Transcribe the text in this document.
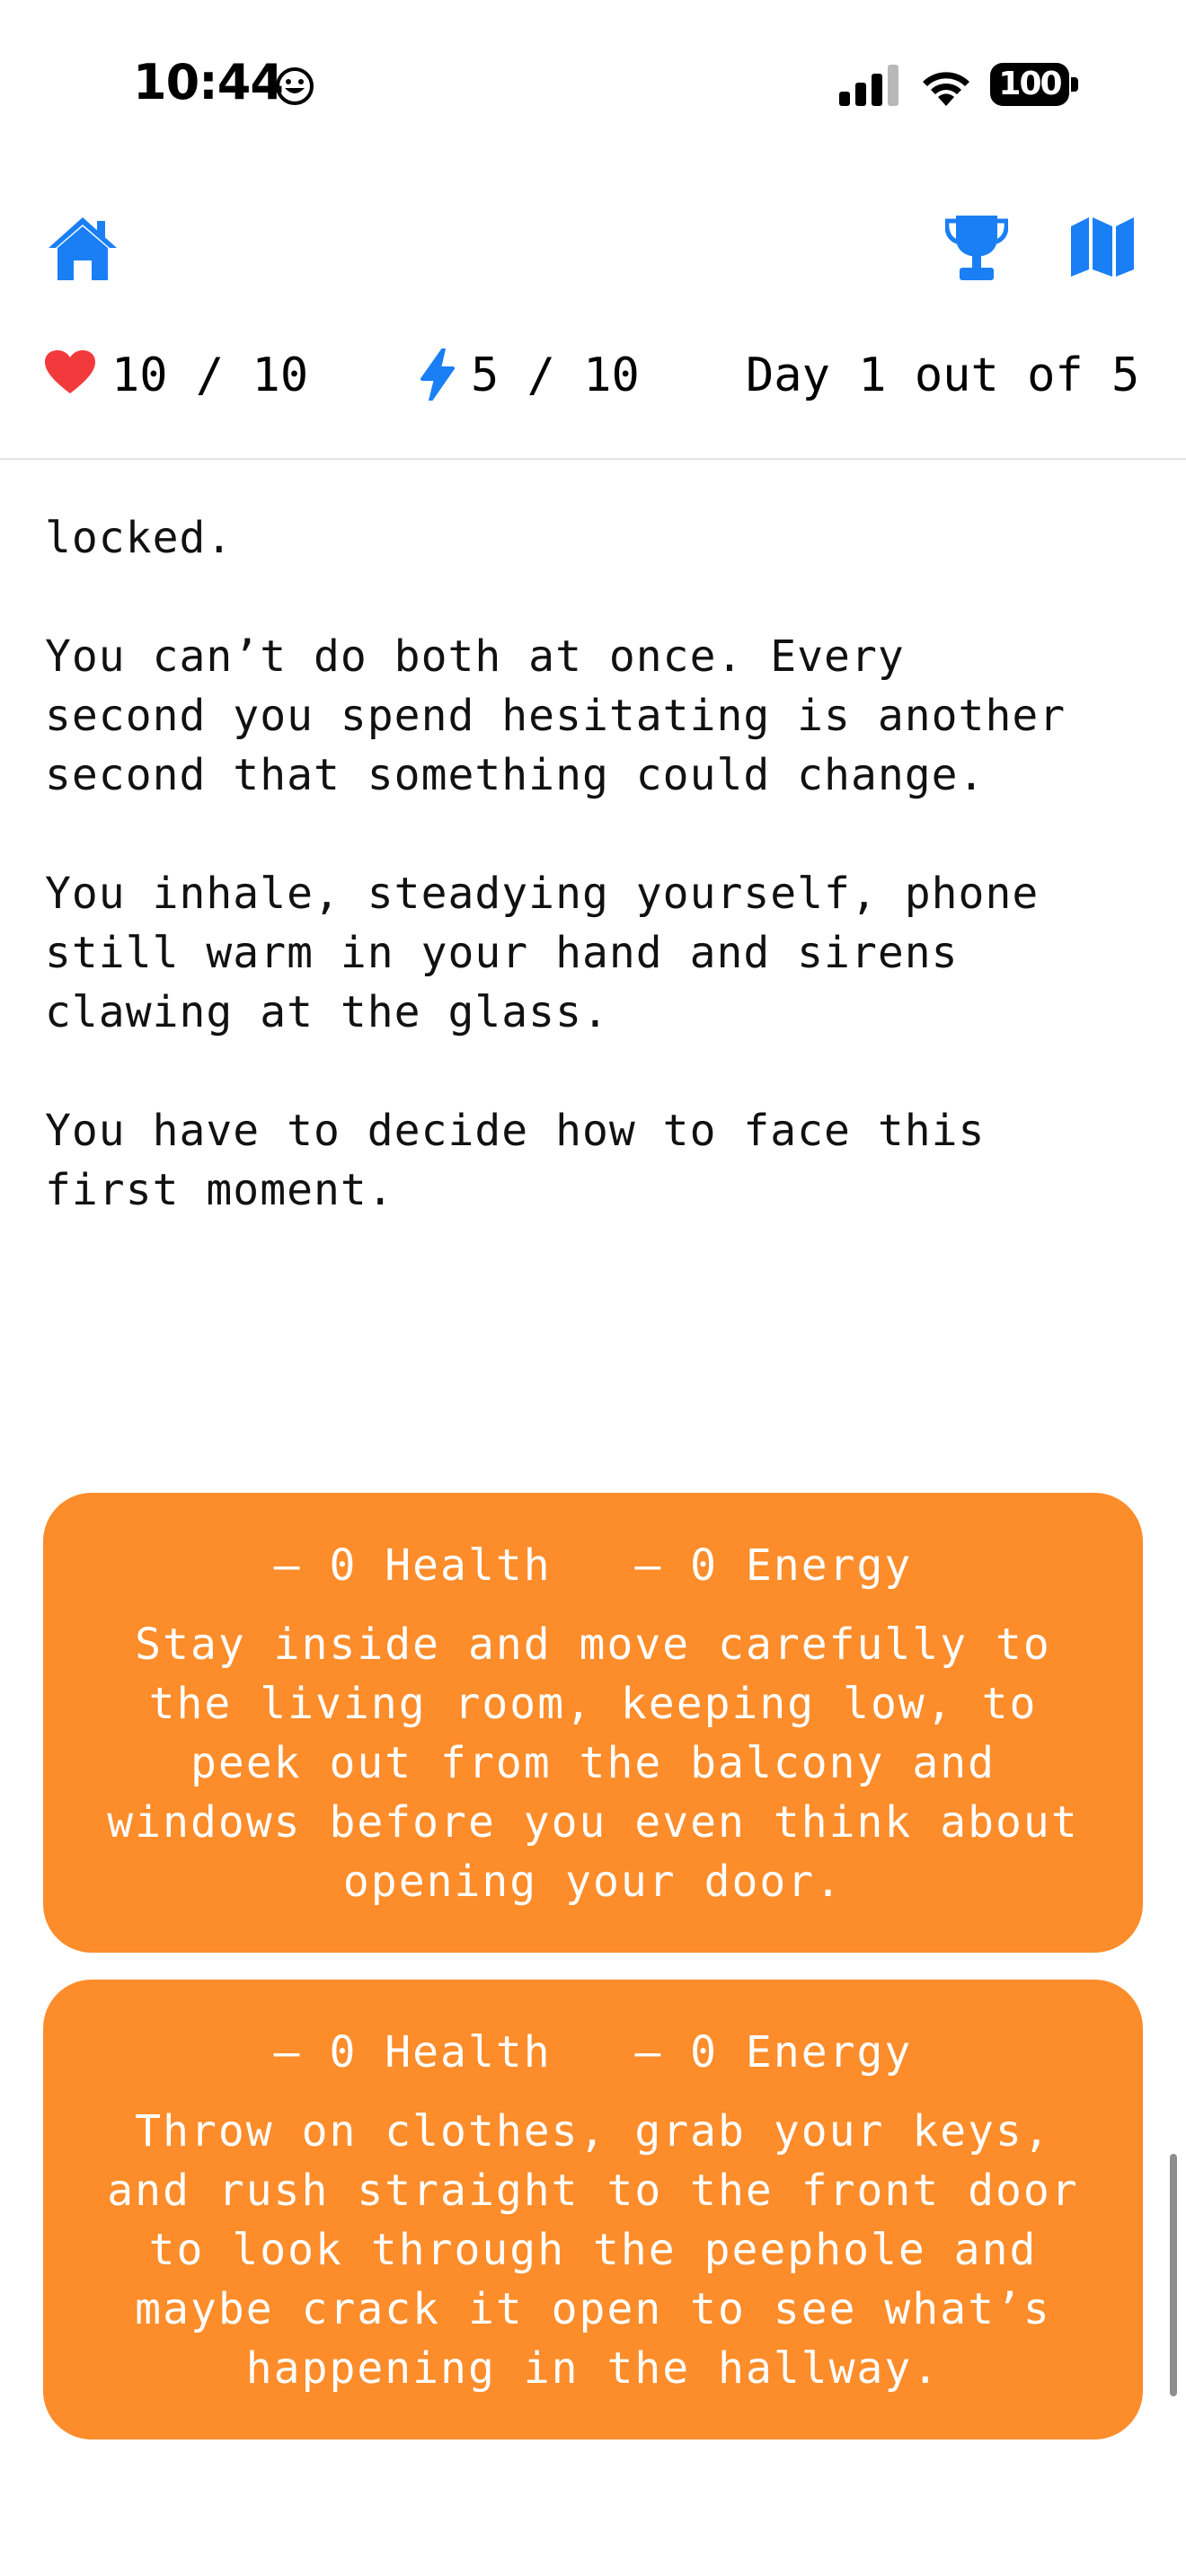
10:44	100
10 / 10	5 / 10 Day 1 out of 5

locked.

You can’t do both at once. Every
second you spend hesitating is another
second that something could change.

You inhale, steadying yourself, phone
still warm in your hand and sirens
clawing at the glass.

You have to decide how to face this
first moment.

– 0 Health   – 0 Energy
Stay inside and move carefully to the living room, keeping low, to peek out from the balcony and windows before you even think about opening your door.
– 0 Health   – 0 Energy
Throw on clothes, grab your keys, and rush straight to the front door to look through the peephole and maybe crack it open to see what’s happening in the hallway.
